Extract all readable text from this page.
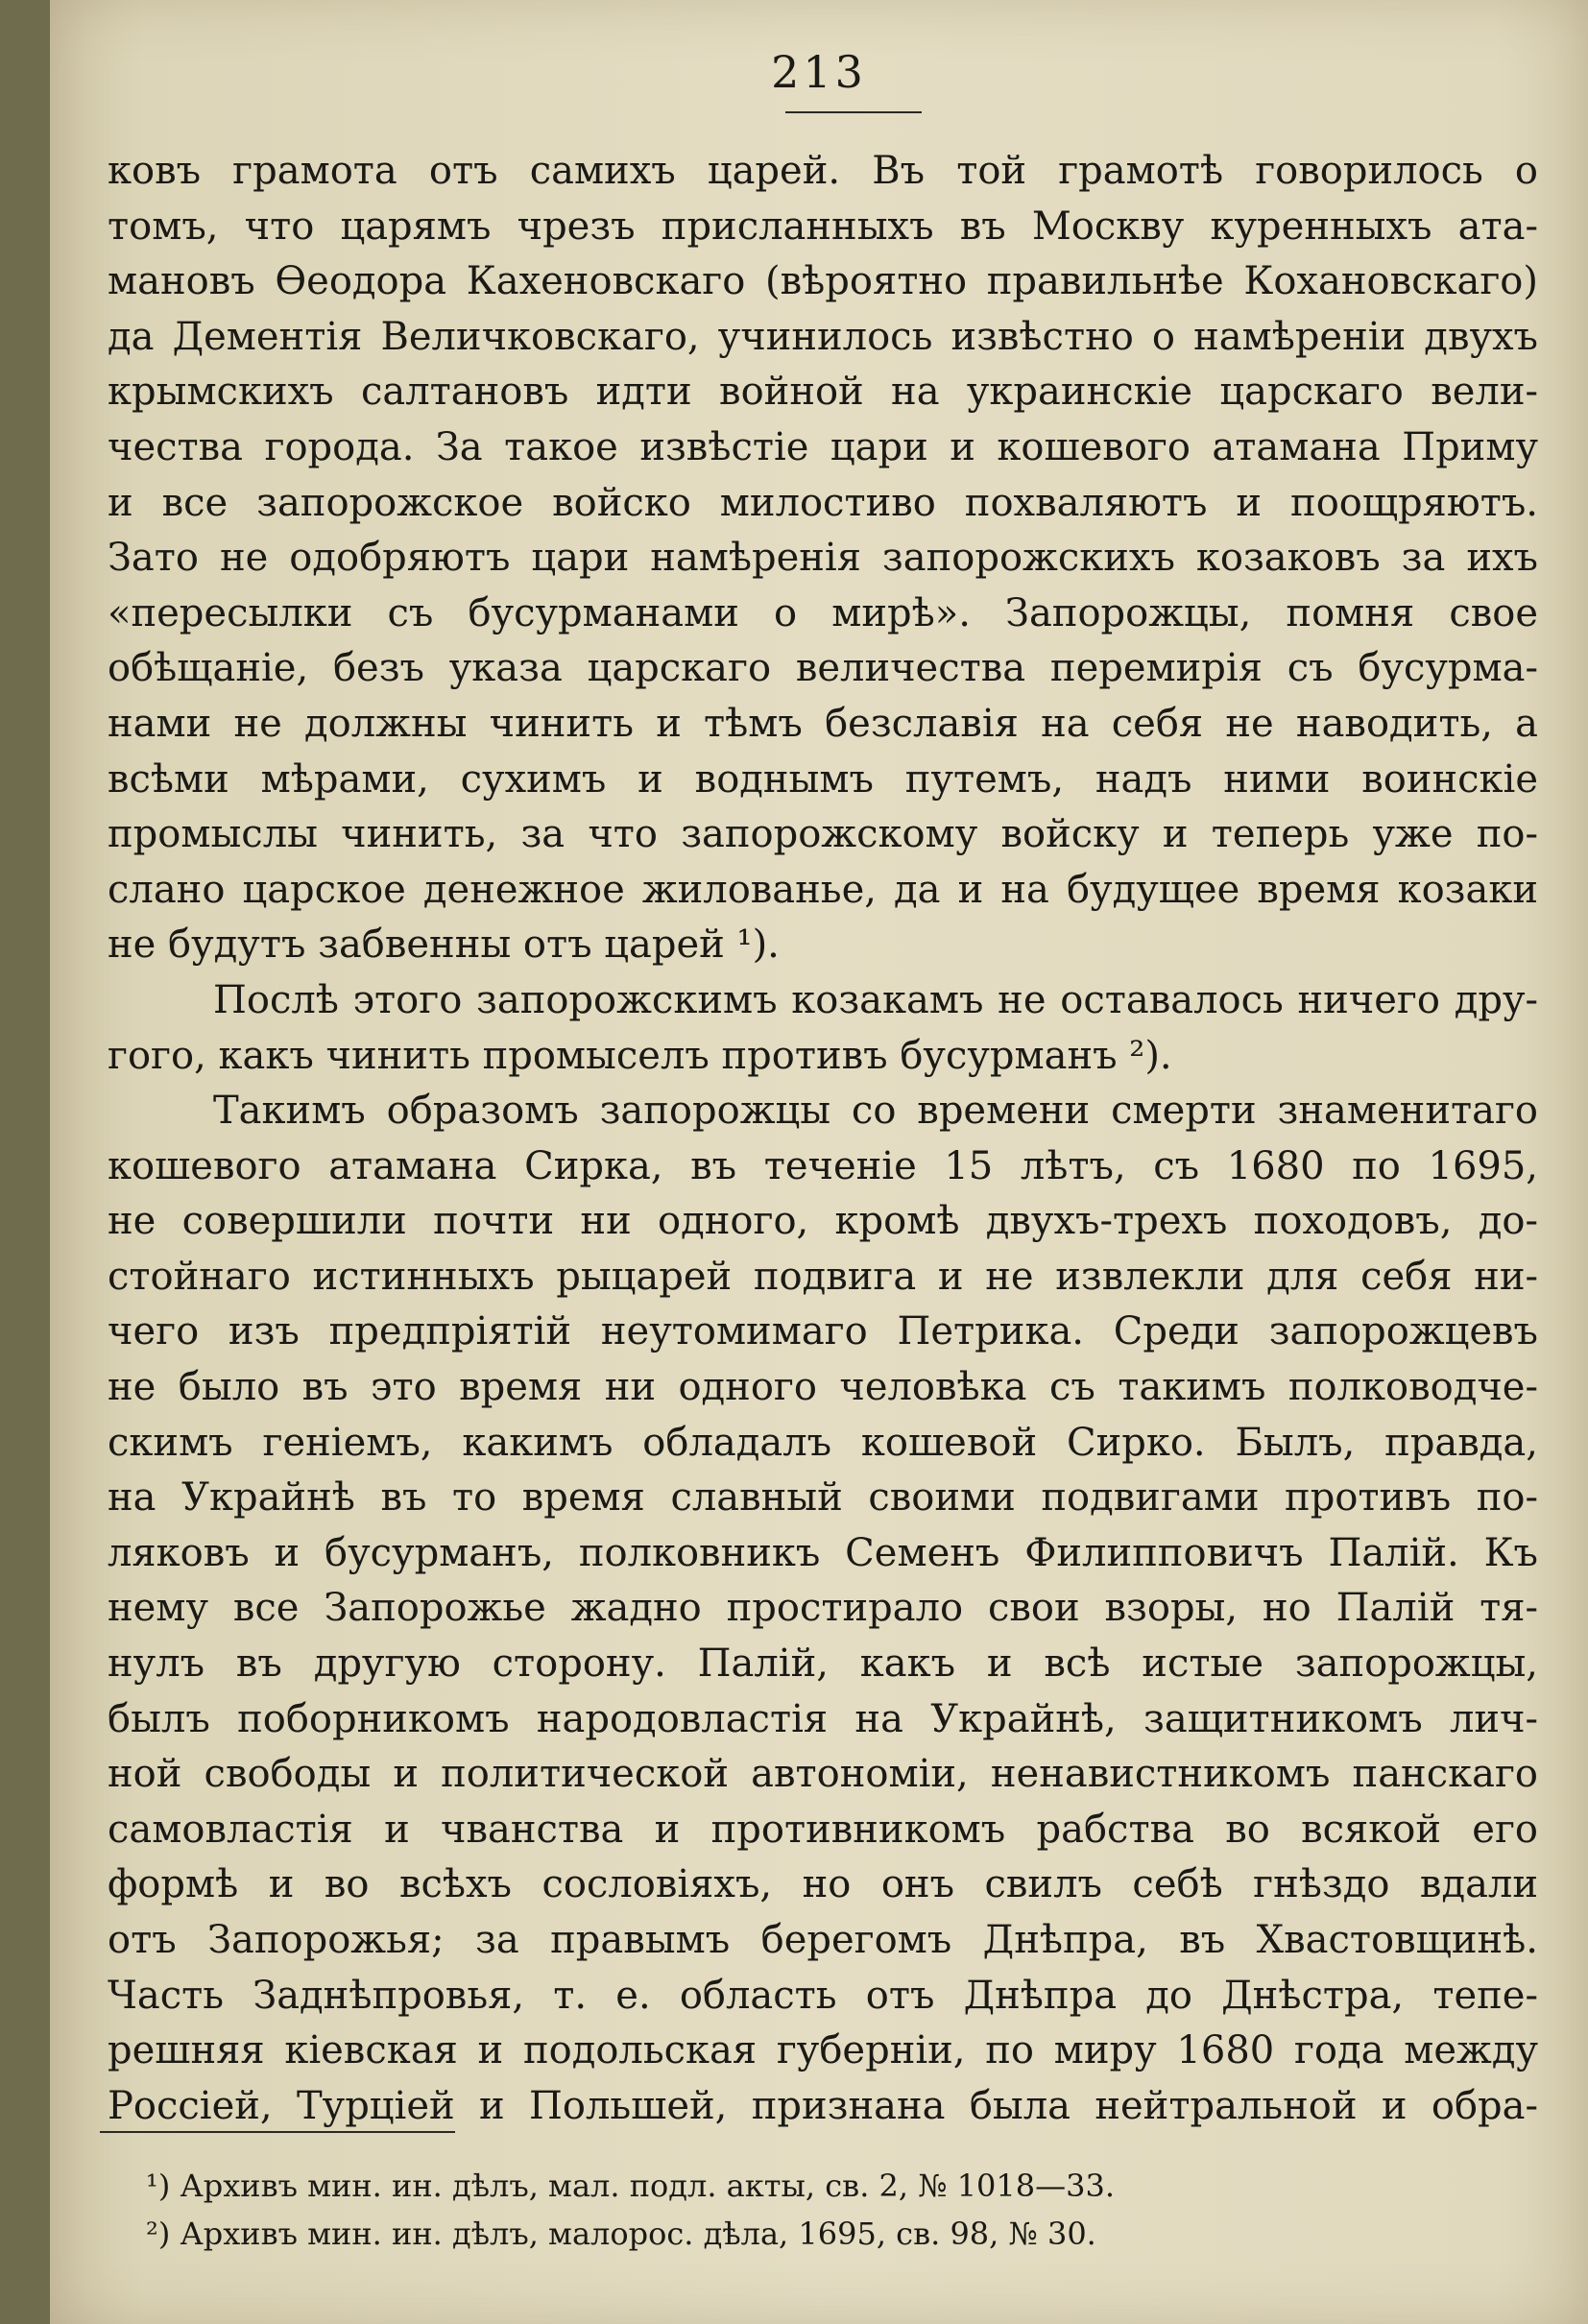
213
ковъ грамота отъ самихъ царей. Въ той грамотѣ говорилось о
томъ, что царямъ чрезъ присланныхъ въ Москву куренныхъ ата-
мановъ Ѳеодора Кахеновскаго (вѣроятно правильнѣе Кохановскаго)
да Дементія Величковскаго, учинилось извѣстно о намѣреніи двухъ
крымскихъ салтановъ идти войной на украинскіе царскаго вели-
чества города. За такое извѣстіе цари и кошевого атамана Приму
и все запорожское войско милостиво похваляютъ и поощряютъ.
Зато не одобряютъ цари намѣренія запорожскихъ козаковъ за ихъ
«пересылки съ бусурманами о мирѣ». Запорожцы, помня свое
обѣщаніе, безъ указа царскаго величества перемирія съ бусурма-
нами не должны чинить и тѣмъ безславія на себя не наводить, а
всѣми мѣрами, сухимъ и воднымъ путемъ, надъ ними воинскіе
промыслы чинить, за что запорожскому войску и теперь уже по-
слано царское денежное жилованье, да и на будущее время козаки
не будутъ забвенны отъ царей ¹).
Послѣ этого запорожскимъ козакамъ не оставалось ничего дру-
гого, какъ чинить промыселъ противъ бусурманъ ²).
Такимъ образомъ запорожцы со времени смерти знаменитаго
кошевого атамана Сирка, въ теченіе 15 лѣтъ, съ 1680 по 1695,
не совершили почти ни одного, кромѣ двухъ-трехъ походовъ, до-
стойнаго истинныхъ рыцарей подвига и не извлекли для себя ни-
чего изъ предпріятій неутомимаго Петрика. Среди запорожцевъ
не было въ это время ни одного человѣка съ такимъ полководче-
скимъ геніемъ, какимъ обладалъ кошевой Сирко. Былъ, правда,
на Украйнѣ въ то время славный своими подвигами противъ по-
ляковъ и бусурманъ, полковникъ Семенъ Филипповичъ Палій. Къ
нему все Запорожье жадно простирало свои взоры, но Палій тя-
нулъ въ другую сторону. Палій, какъ и всѣ истые запорожцы,
былъ поборникомъ народовластія на Украйнѣ, защитникомъ лич-
ной свободы и политической автономіи, ненавистникомъ панскаго
самовластія и чванства и противникомъ рабства во всякой его
формѣ и во всѣхъ сословіяхъ, но онъ свилъ себѣ гнѣздо вдали
отъ Запорожья; за правымъ берегомъ Днѣпра, въ Хвастовщинѣ.
Часть Заднѣпровья, т. е. область отъ Днѣпра до Днѣстра, тепе-
решняя кіевская и подольская губерніи, по миру 1680 года между
Россіей, Турціей и Польшей, признана была нейтральной и обра-
¹) Архивъ мин. ин. дѣлъ, мал. подл. акты, св. 2, № 1018—33.
²) Архивъ мин. ин. дѣлъ, малорос. дѣла, 1695, св. 98, № 30.
